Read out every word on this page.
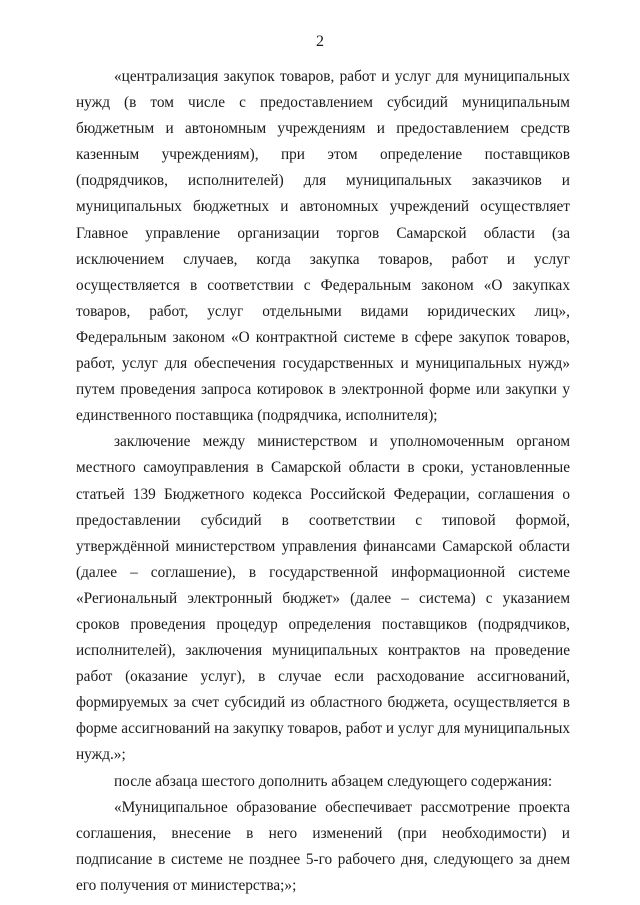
2

«централизация закупок товаров, работ и услуг для муниципальных нужд (в том числе с предоставлением субсидий муниципальным бюджетным и автономным учреждениям и предоставлением средств казенным учреждениям), при этом определение поставщиков (подрядчиков, исполнителей) для муниципальных заказчиков и муниципальных бюджетных и автономных учреждений осуществляет Главное управление организации торгов Самарской области (за исключением случаев, когда закупка товаров, работ и услуг осуществляется в соответствии с Федеральным законом «О закупках товаров, работ, услуг отдельными видами юридических лиц», Федеральным законом «О контрактной системе в сфере закупок товаров, работ, услуг для обеспечения государственных и муниципальных нужд» путем проведения запроса котировок в электронной форме или закупки у единственного поставщика (подрядчика, исполнителя);

заключение между министерством и уполномоченным органом местного самоуправления в Самарской области в сроки, установленные статьей 139 Бюджетного кодекса Российской Федерации, соглашения о предоставлении субсидий в соответствии с типовой формой, утверждённой министерством управления финансами Самарской области (далее – соглашение), в государственной информационной системе «Региональный электронный бюджет» (далее – система) с указанием сроков проведения процедур определения поставщиков (подрядчиков, исполнителей), заключения муниципальных контрактов на проведение работ (оказание услуг), в случае если расходование ассигнований, формируемых за счет субсидий из областного бюджета, осуществляется в форме ассигнований на закупку товаров, работ и услуг для муниципальных нужд.»;

после абзаца шестого дополнить абзацем следующего содержания:

«Муниципальное образование обеспечивает рассмотрение проекта соглашения, внесение в него изменений (при необходимости) и подписание в системе не позднее 5-го рабочего дня, следующего за днем его получения от министерства;»;
